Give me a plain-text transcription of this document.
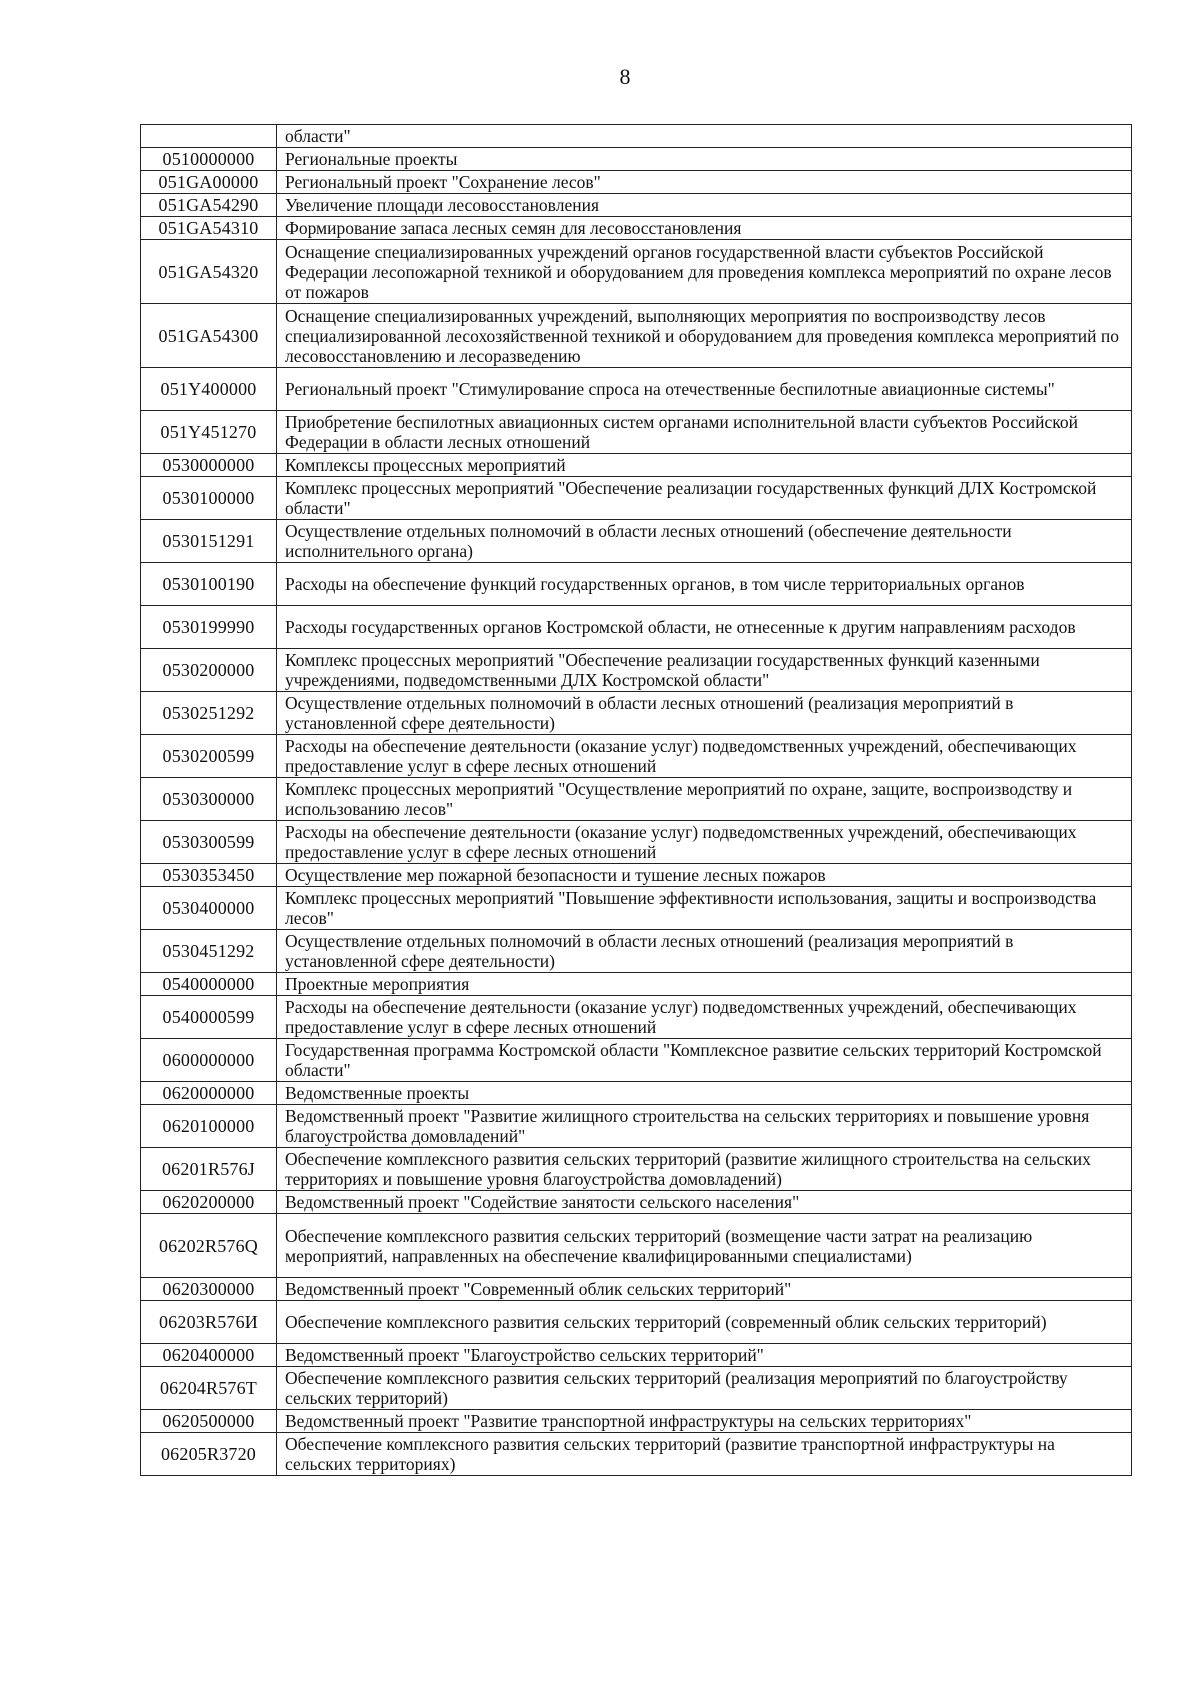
8
	области"
0510000000	Региональные проекты
051GA00000	Региональный проект "Сохранение лесов"
051GA54290	Увеличение площади лесовосстановления
051GA54310	Формирование запаса лесных семян для лесовосстановления
051GA54320	Оснащение специализированных учреждений органов государственной власти субъектов Российской Федерации лесопожарной техникой и оборудованием для проведения комплекса мероприятий по охране лесов от пожаров
051GA54300	Оснащение специализированных учреждений, выполняющих мероприятия по воспроизводству лесов специализированной лесохозяйственной техникой и оборудованием для проведения комплекса мероприятий по лесовосстановлению и лесоразведению
051Y400000	Региональный проект "Стимулирование спроса на отечественные беспилотные авиационные системы"
051Y451270	Приобретение беспилотных авиационных систем органами исполнительной власти субъектов Российской Федерации в области лесных отношений
0530000000	Комплексы процессных мероприятий
0530100000	Комплекс процессных мероприятий "Обеспечение реализации государственных функций ДЛХ Костромской области"
0530151291	Осуществление отдельных полномочий в области лесных отношений (обеспечение деятельности исполнительного органа)
0530100190	Расходы на обеспечение функций государственных органов, в том числе территориальных органов
0530199990	Расходы государственных органов Костромской области, не отнесенные к другим направлениям расходов
0530200000	Комплекс процессных мероприятий "Обеспечение реализации государственных функций казенными учреждениями, подведомственными ДЛХ Костромской области"
0530251292	Осуществление отдельных полномочий в области лесных отношений (реализация мероприятий в установленной сфере деятельности)
0530200599	Расходы на обеспечение деятельности (оказание услуг) подведомственных учреждений, обеспечивающих предоставление услуг в сфере лесных отношений
0530300000	Комплекс процессных мероприятий "Осуществление мероприятий по охране, защите, воспроизводству и использованию лесов"
0530300599	Расходы на обеспечение деятельности (оказание услуг) подведомственных учреждений, обеспечивающих предоставление услуг в сфере лесных отношений
0530353450	Осуществление мер пожарной безопасности и тушение лесных пожаров
0530400000	Комплекс процессных мероприятий "Повышение эффективности использования, защиты и воспроизводства лесов"
0530451292	Осуществление отдельных полномочий в области лесных отношений (реализация мероприятий в установленной сфере деятельности)
0540000000	Проектные мероприятия
0540000599	Расходы на обеспечение деятельности (оказание услуг) подведомственных учреждений, обеспечивающих предоставление услуг в сфере лесных отношений
0600000000	Государственная программа Костромской области "Комплексное развитие сельских территорий Костромской области"
0620000000	Ведомственные проекты
0620100000	Ведомственный проект "Развитие жилищного строительства на сельских территориях и повышение уровня благоустройства домовладений"
06201R576J	Обеспечение комплексного развития сельских территорий (развитие жилищного строительства на сельских территориях и повышение уровня благоустройства домовладений)
0620200000	Ведомственный проект "Содействие занятости сельского населения"
06202R576Q	Обеспечение комплексного развития сельских территорий (возмещение части затрат на реализацию мероприятий, направленных на обеспечение квалифицированными специалистами)
0620300000	Ведомственный проект "Современный облик сельских территорий"
06203R576И	Обеспечение комплексного развития сельских территорий (современный облик сельских территорий)
0620400000	Ведомственный проект "Благоустройство сельских территорий"
06204R576T	Обеспечение комплексного развития сельских территорий (реализация мероприятий по благоустройству сельских территорий)
0620500000	Ведомственный проект "Развитие транспортной инфраструктуры на сельских территориях"
06205R3720	Обеспечение комплексного развития сельских территорий (развитие транспортной инфраструктуры на сельских территориях)
